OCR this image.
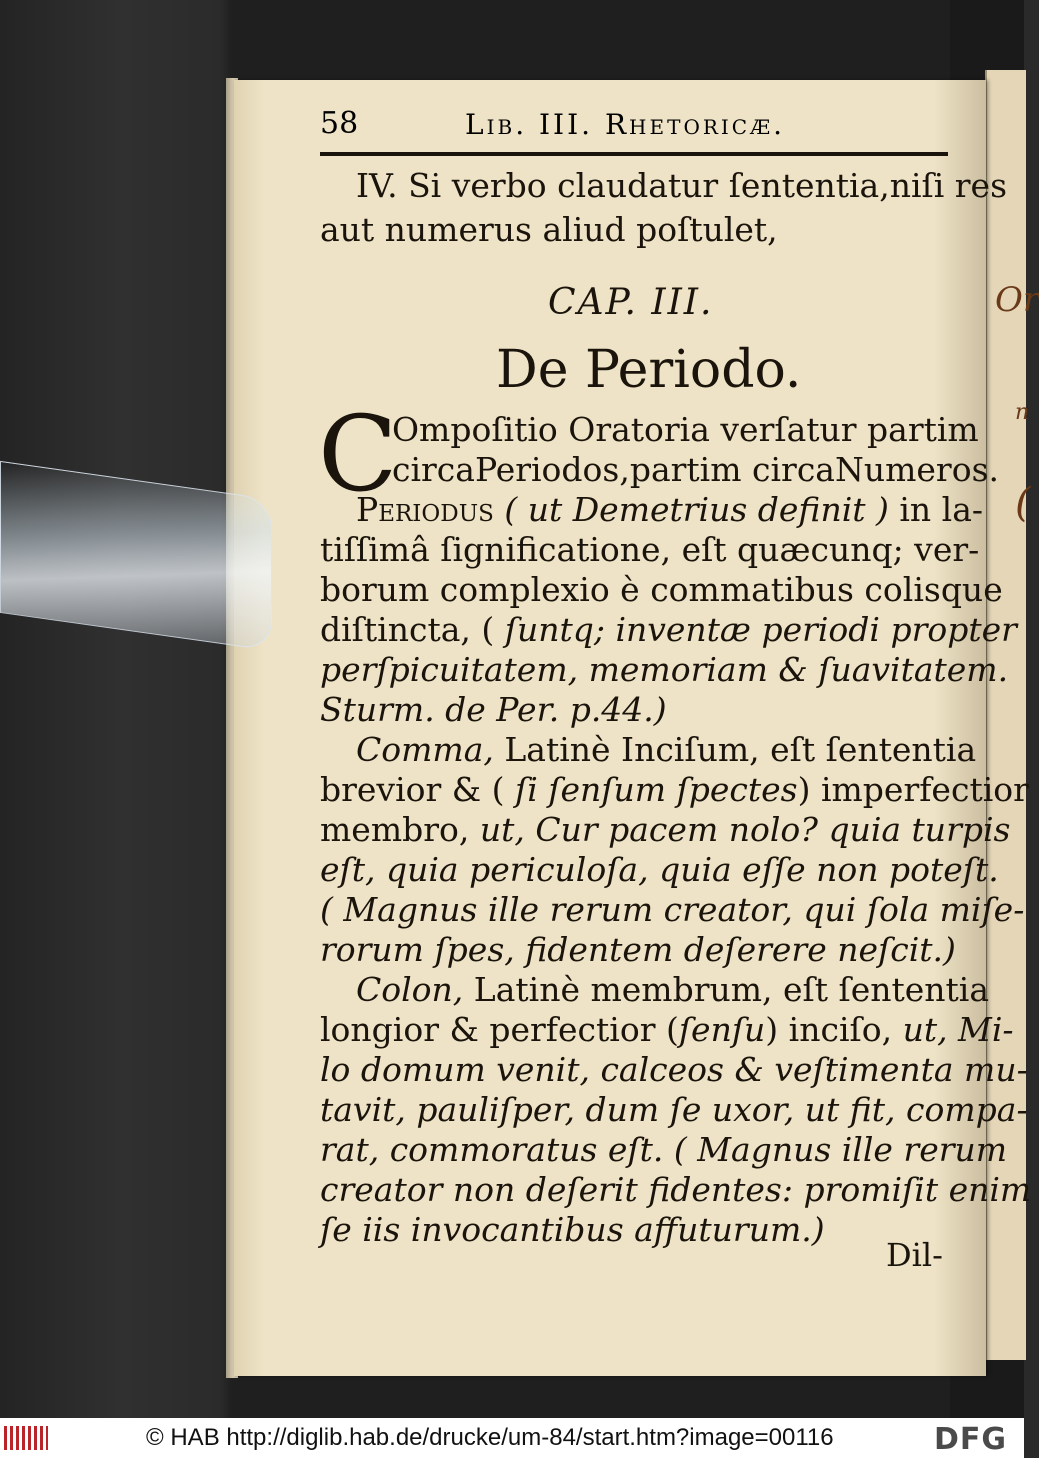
Or
n
(
58	Lib. III. Rhetoricæ.
IV. Si verbo claudatur ſententia,niſi res
aut numerus aliud poſtulet,
CAP. III.
De Periodo.
C
Ompoſitio Oratoria verſatur partim
circaPeriodos,partim circaNumeros.
Periodus ( ut Demetrius definit ) in la-
tiſſimâ ſignificatione, eſt quæcunq; ver-
borum complexio è commatibus colisque
diſtincta, ( ſuntq; inventæ periodi propter
perſpicuitatem, memoriam & ſuavitatem.
Sturm. de Per. p.44.)
Comma, Latinè Inciſum, eſt ſententia
brevior & ( ſi ſenſum ſpectes) imperfectior
membro, ut, Cur pacem nolo? quia turpis
eſt, quia periculoſa, quia eſſe non poteſt.
( Magnus ille rerum creator, qui ſola miſe-
rorum ſpes, fidentem deſerere neſcit.)
Colon, Latinè membrum, eſt ſententia
longior & perfectior (ſenſu) inciſo, ut, Mi-
lo domum venit, calceos & veſtimenta mu-
tavit, pauliſper, dum ſe uxor, ut fit, compa-
rat, commoratus eſt. ( Magnus ille rerum
creator non deſerit fidentes: promiſit enim
ſe iis invocantibus affuturum.)
Dil-
© HAB http://diglib.hab.de/drucke/um-84/start.htm?image=00116	DFG
